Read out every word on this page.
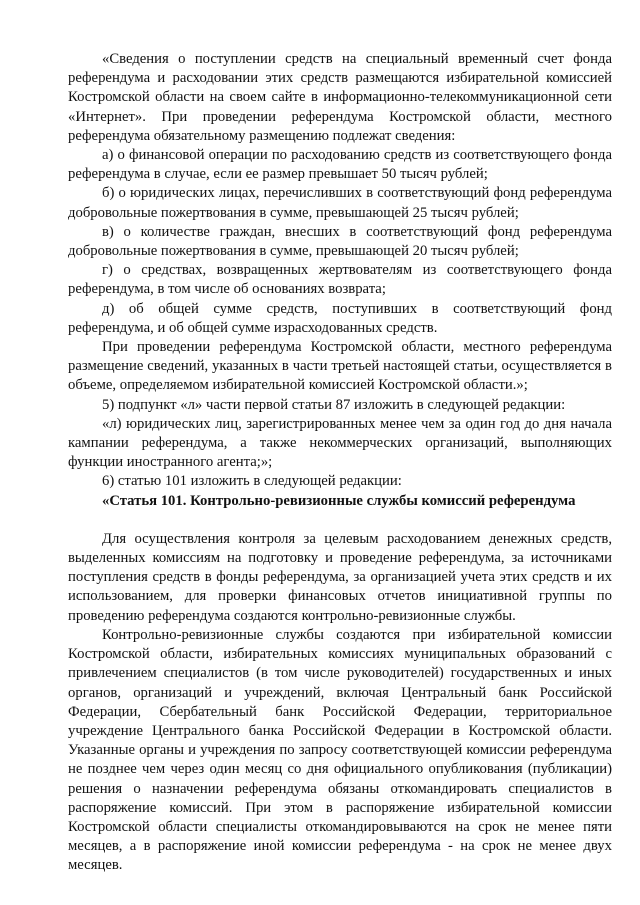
«Сведения о поступлении средств на специальный временный счет фонда референдума и расходовании этих средств размещаются избирательной комиссией Костромской области на своем сайте в информационно-телекоммуникационной сети «Интернет». При проведении референдума Костромской области, местного референдума обязательному размещению подлежат сведения:

а) о финансовой операции по расходованию средств из соответствующего фонда референдума в случае, если ее размер превышает 50 тысяч рублей;

б) о юридических лицах, перечисливших в соответствующий фонд референдума добровольные пожертвования в сумме, превышающей 25 тысяч рублей;

в) о количестве граждан, внесших в соответствующий фонд референдума добровольные пожертвования в сумме, превышающей 20 тысяч рублей;

г) о средствах, возвращенных жертвователям из соответствующего фонда референдума, в том числе об основаниях возврата;

д) об общей сумме средств, поступивших в соответствующий фонд референдума, и об общей сумме израсходованных средств.

При проведении референдума Костромской области, местного референдума размещение сведений, указанных в части третьей настоящей статьи, осуществляется в объеме, определяемом избирательной комиссией Костромской области.»;

5) подпункт «л» части первой статьи 87 изложить в следующей редакции:

«л) юридических лиц, зарегистрированных менее чем за один год до дня начала кампании референдума, а также некоммерческих организаций, выполняющих функции иностранного агента;»;

6) статью 101 изложить в следующей редакции:

«Статья 101. Контрольно-ревизионные службы комиссий референдума

Для осуществления контроля за целевым расходованием денежных средств, выделенных комиссиям на подготовку и проведение референдума, за источниками поступления средств в фонды референдума, за организацией учета этих средств и их использованием, для проверки финансовых отчетов инициативной группы по проведению референдума создаются контрольно-ревизионные службы.

Контрольно-ревизионные службы создаются при избирательной комиссии Костромской области, избирательных комиссиях муниципальных образований с привлечением специалистов (в том числе руководителей) государственных и иных органов, организаций и учреждений, включая Центральный банк Российской Федерации, Сбербательный банк Российской Федерации, территориальное учреждение Центрального банка Российской Федерации в Костромской области. Указанные органы и учреждения по запросу соответствующей комиссии референдума не позднее чем через один месяц со дня официального опубликования (публикации) решения о назначении референдума обязаны откомандировать специалистов в распоряжение комиссий. При этом в распоряжение избирательной комиссии Костромской области специалисты откомандировываются на срок не менее пяти месяцев, а в распоряжение иной комиссии референдума - на срок не менее двух месяцев.
